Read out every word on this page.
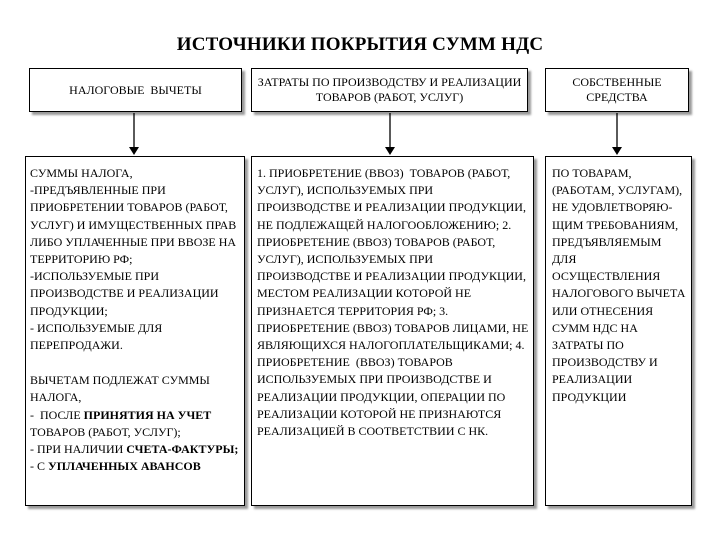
ИСТОЧНИКИ ПОКРЫТИЯ СУММ НДС
НАЛОГОВЫЕ  ВЫЧЕТЫ

СУММЫ НАЛОГА,

-ПРЕДЪЯВЛЕННЫЕ ПРИ ПРИОБРЕТЕНИИ ТОВАРОВ (РАБОТ, УСЛУГ) И ИМУЩЕСТВЕННЫХ ПРАВ ЛИБО УПЛАЧЕННЫЕ ПРИ ВВОЗЕ НА ТЕРРИТОРИЮ РФ;

-ИСПОЛЬЗУЕМЫЕ ПРИ ПРОИЗВОДСТВЕ И РЕАЛИЗАЦИИ ПРОДУКЦИИ;

- ИСПОЛЬЗУЕМЫЕ ДЛЯ ПЕРЕПРОДАЖИ.

ВЫЧЕТАМ ПОДЛЕЖАТ СУММЫ НАЛОГА,

-  ПОСЛЕ ПРИНЯТИЯ НА УЧЕТ ТОВАРОВ (РАБОТ, УСЛУГ);

- ПРИ НАЛИЧИИ СЧЕТА-ФАКТУРЫ;

- С УПЛАЧЕННЫХ АВАНСОВ

ЗАТРАТЫ ПО ПРОИЗВОДСТВУ И РЕАЛИЗАЦИИ ТОВАРОВ (РАБОТ, УСЛУГ)

1. ПРИОБРЕТЕНИЕ (ВВОЗ)  ТОВАРОВ (РАБОТ, УСЛУГ), ИСПОЛЬЗУЕМЫХ ПРИ ПРОИЗВОДСТВЕ И РЕАЛИЗАЦИИ ПРОДУКЦИИ,  НЕ ПОДЛЕЖАЩЕЙ НАЛОГООБЛОЖЕНИЮ; 2. ПРИОБРЕТЕНИЕ (ВВОЗ) ТОВАРОВ (РАБОТ, УСЛУГ), ИСПОЛЬЗУЕМЫХ ПРИ ПРОИЗВОДСТВЕ И РЕАЛИЗАЦИИ ПРОДУКЦИИ, МЕСТОМ РЕАЛИЗАЦИИ КОТОРОЙ НЕ ПРИЗНАЕТСЯ ТЕРРИТОРИЯ РФ; 3. ПРИОБРЕТЕНИЕ (ВВОЗ) ТОВАРОВ ЛИЦАМИ, НЕ ЯВЛЯЮЩИХСЯ НАЛОГОПЛАТЕЛЬЩИКАМИ; 4. ПРИОБРЕТЕНИЕ  (ВВОЗ) ТОВАРОВ ИСПОЛЬЗУЕМЫХ ПРИ ПРОИЗВОДСТВЕ И РЕАЛИЗАЦИИ ПРОДУКЦИИ, ОПЕРАЦИИ ПО РЕАЛИЗАЦИИ КОТОРОЙ НЕ ПРИЗНАЮТСЯ РЕАЛИЗАЦИЕЙ В СООТВЕТСТВИИ С НК.

СОБСТВЕННЫЕ СРЕДСТВА

ПО ТОВАРАМ, (РАБОТАМ, УСЛУГАМ), НЕ УДОВЛЕТВОРЯЮ-ЩИМ ТРЕБОВАНИЯМ, ПРЕДЪЯВЛЯЕМЫМ ДЛЯ ОСУЩЕСТВЛЕНИЯ НАЛОГОВОГО ВЫЧЕТА ИЛИ ОТНЕСЕНИЯ СУММ НДС НА ЗАТРАТЫ ПО ПРОИЗВОДСТВУ И РЕАЛИЗАЦИИ ПРОДУКЦИИ
